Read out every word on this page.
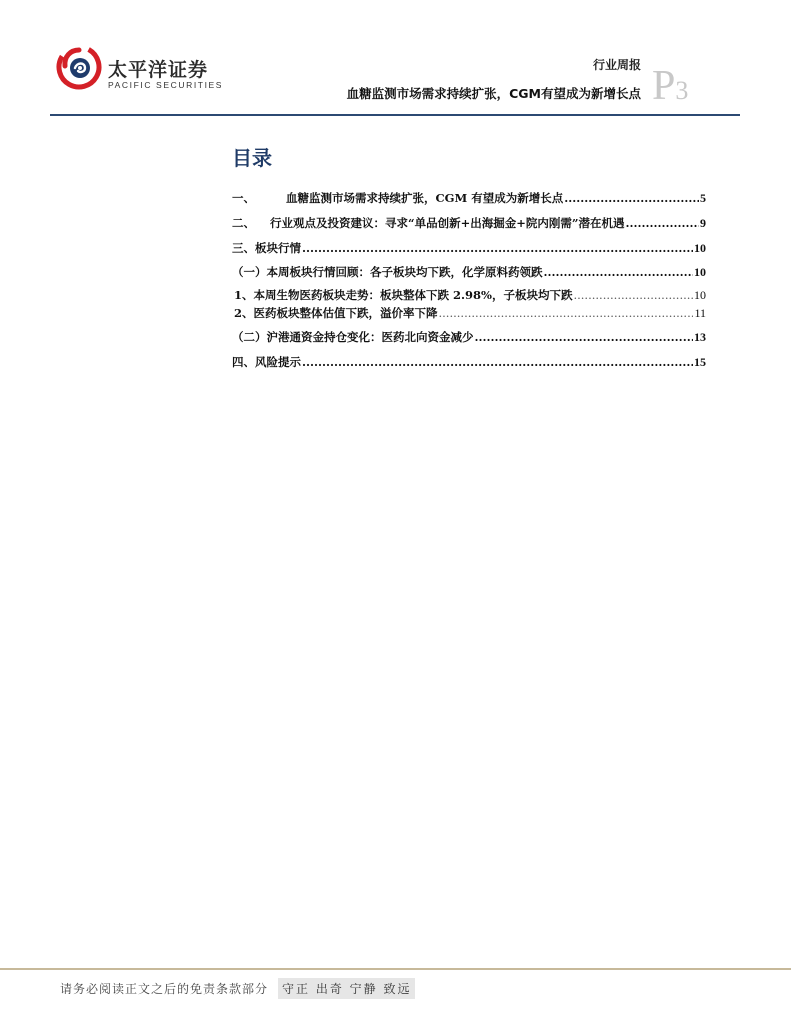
太平洋证券
PACIFIC SECURITIES
行业周报
血糖监测市场需求持续扩张，CGM有望成为新增长点 P3
目录
一、	血糖监测市场需求持续扩张，CGM 有望成为新增长点 .....	5
二、	行业观点及投资建议：寻求“单品创新+出海掘金+院内刚需”潜在机遇 .....	9
三、板块行情 .....	10
（一）本周板块行情回顾：各子板块均下跌，化学原料药领跌 .....	10
1、本周生物医药板块走势：板块整体下跌 2.98%，子板块均下跌 .....	10
2、医药板块整体估值下跌，溢价率下降 .....	11
（二）沪港通资金持仓变化：医药北向资金减少 .....	13
四、风险提示 .....	15
请务必阅读正文之后的免责条款部分	守正 出奇 宁静 致远
